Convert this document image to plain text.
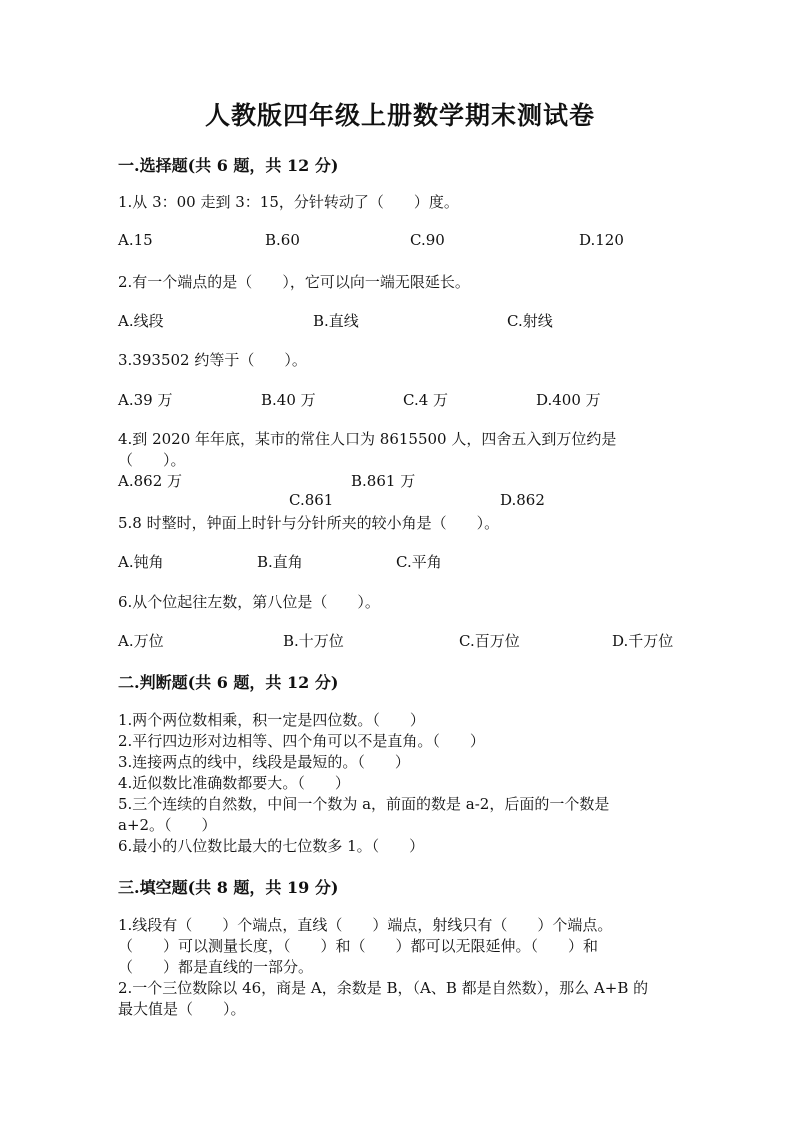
人教版四年级上册数学期末测试卷
一.选择题(共 6 题，共 12 分)
1.从 3：00 走到 3：15，分针转动了（　　）度。
A.15	B.60	C.90	D.120
2.有一个端点的是（　　），它可以向一端无限延长。
A.线段	B.直线	C.射线
3.393502 约等于（　　）。
A.39 万	B.40 万	C.4 万	D.400 万
4.到 2020 年年底，某市的常住人口为 8615500 人，四舍五入到万位约是
（　　）。
A.862 万	B.861 万
C.861	D.862
5.8 时整时，钟面上时针与分针所夹的较小角是（　　）。
A.钝角	B.直角	C.平角
6.从个位起往左数，第八位是（　　）。
A.万位	B.十万位	C.百万位	D.千万位
二.判断题(共 6 题，共 12 分)
1.两个两位数相乘，积一定是四位数。（　　）
2.平行四边形对边相等、四个角可以不是直角。（　　）
3.连接两点的线中，线段是最短的。（　　）
4.近似数比准确数都要大。（　　）
5.三个连续的自然数，中间一个数为 a，前面的数是 a-2，后面的一个数是
a+2。（　　）
6.最小的八位数比最大的七位数多 1。（　　）
三.填空题(共 8 题，共 19 分)
1.线段有（　　）个端点，直线（　　）端点，射线只有（　　）个端点。
（　　）可以测量长度，（　　）和（　　）都可以无限延伸。（　　）和
（　　）都是直线的一部分。
2.一个三位数除以 46，商是 A，余数是 B，（A、B 都是自然数），那么 A+B 的
最大值是（　　）。
